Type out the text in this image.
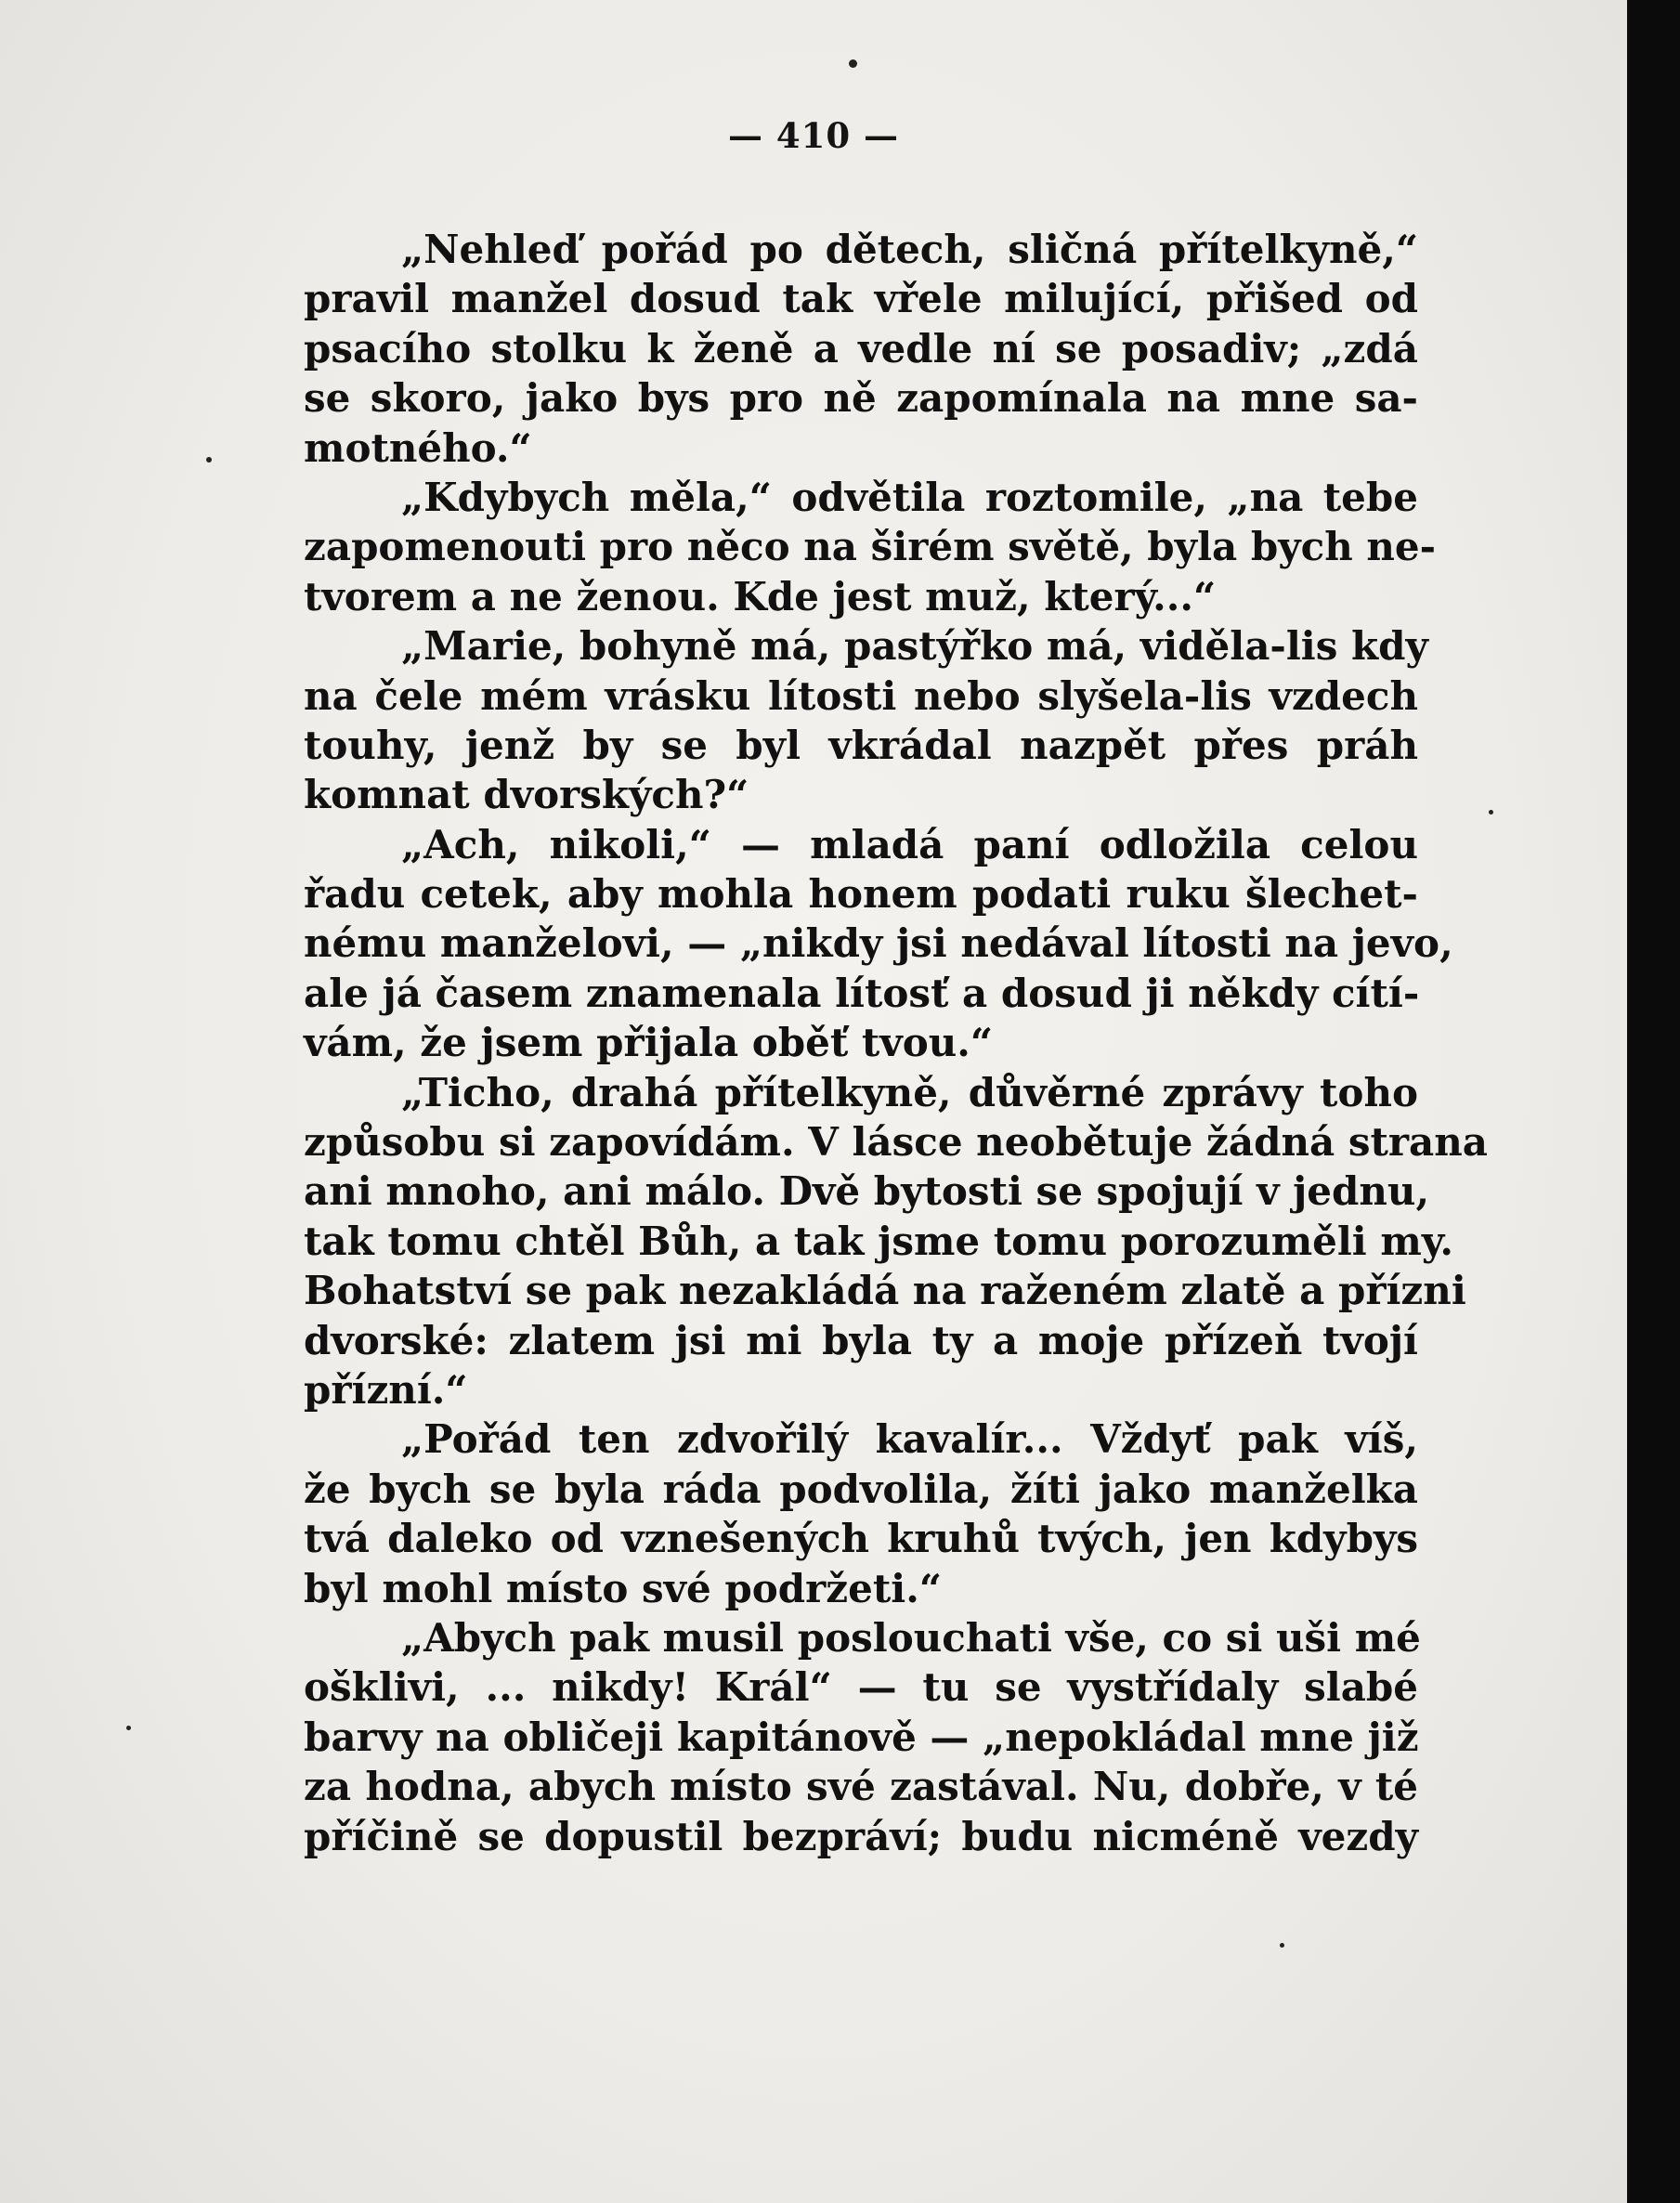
— 410 —
„Nehleď pořád po dětech, sličná přítelkyně,“
pravil manžel dosud tak vřele milující, přišed od
psacího stolku k ženě a vedle ní se posadiv; „zdá
se skoro, jako bys pro ně zapomínala na mne sa-
motného.“
„Kdybych měla,“ odvětila roztomile, „na tebe
zapomenouti pro něco na širém světě, byla bych ne-
tvorem a ne ženou. Kde jest muž, který...“
„Marie, bohyně má, pastýřko má, viděla-lis kdy
na čele mém vrásku lítosti nebo slyšela-lis vzdech
touhy, jenž by se byl vkrádal nazpět přes práh
komnat dvorských?“
„Ach, nikoli,“ — mladá paní odložila celou
řadu cetek, aby mohla honem podati ruku šlechet-
nému manželovi, — „nikdy jsi nedával lítosti na jevo,
ale já časem znamenala lítosť a dosud ji někdy cítí-
vám, že jsem přijala oběť tvou.“
„Ticho, drahá přítelkyně, důvěrné zprávy toho
způsobu si zapovídám. V lásce neobětuje žádná strana
ani mnoho, ani málo. Dvě bytosti se spojují v jednu,
tak tomu chtěl Bůh, a tak jsme tomu porozuměli my.
Bohatství se pak nezakládá na raženém zlatě a přízni
dvorské: zlatem jsi mi byla ty a moje přízeň tvojí
přízní.“
„Pořád ten zdvořilý kavalír... Vždyť pak víš,
že bych se byla ráda podvolila, žíti jako manželka
tvá daleko od vznešených kruhů tvých, jen kdybys
byl mohl místo své podržeti.“
„Abych pak musil poslouchati vše, co si uši mé
ošklivi, ... nikdy! Král“ — tu se vystřídaly slabé
barvy na obličeji kapitánově — „nepokládal mne již
za hodna, abych místo své zastával. Nu, dobře, v té
příčině se dopustil bezpráví; budu nicméně vezdy
